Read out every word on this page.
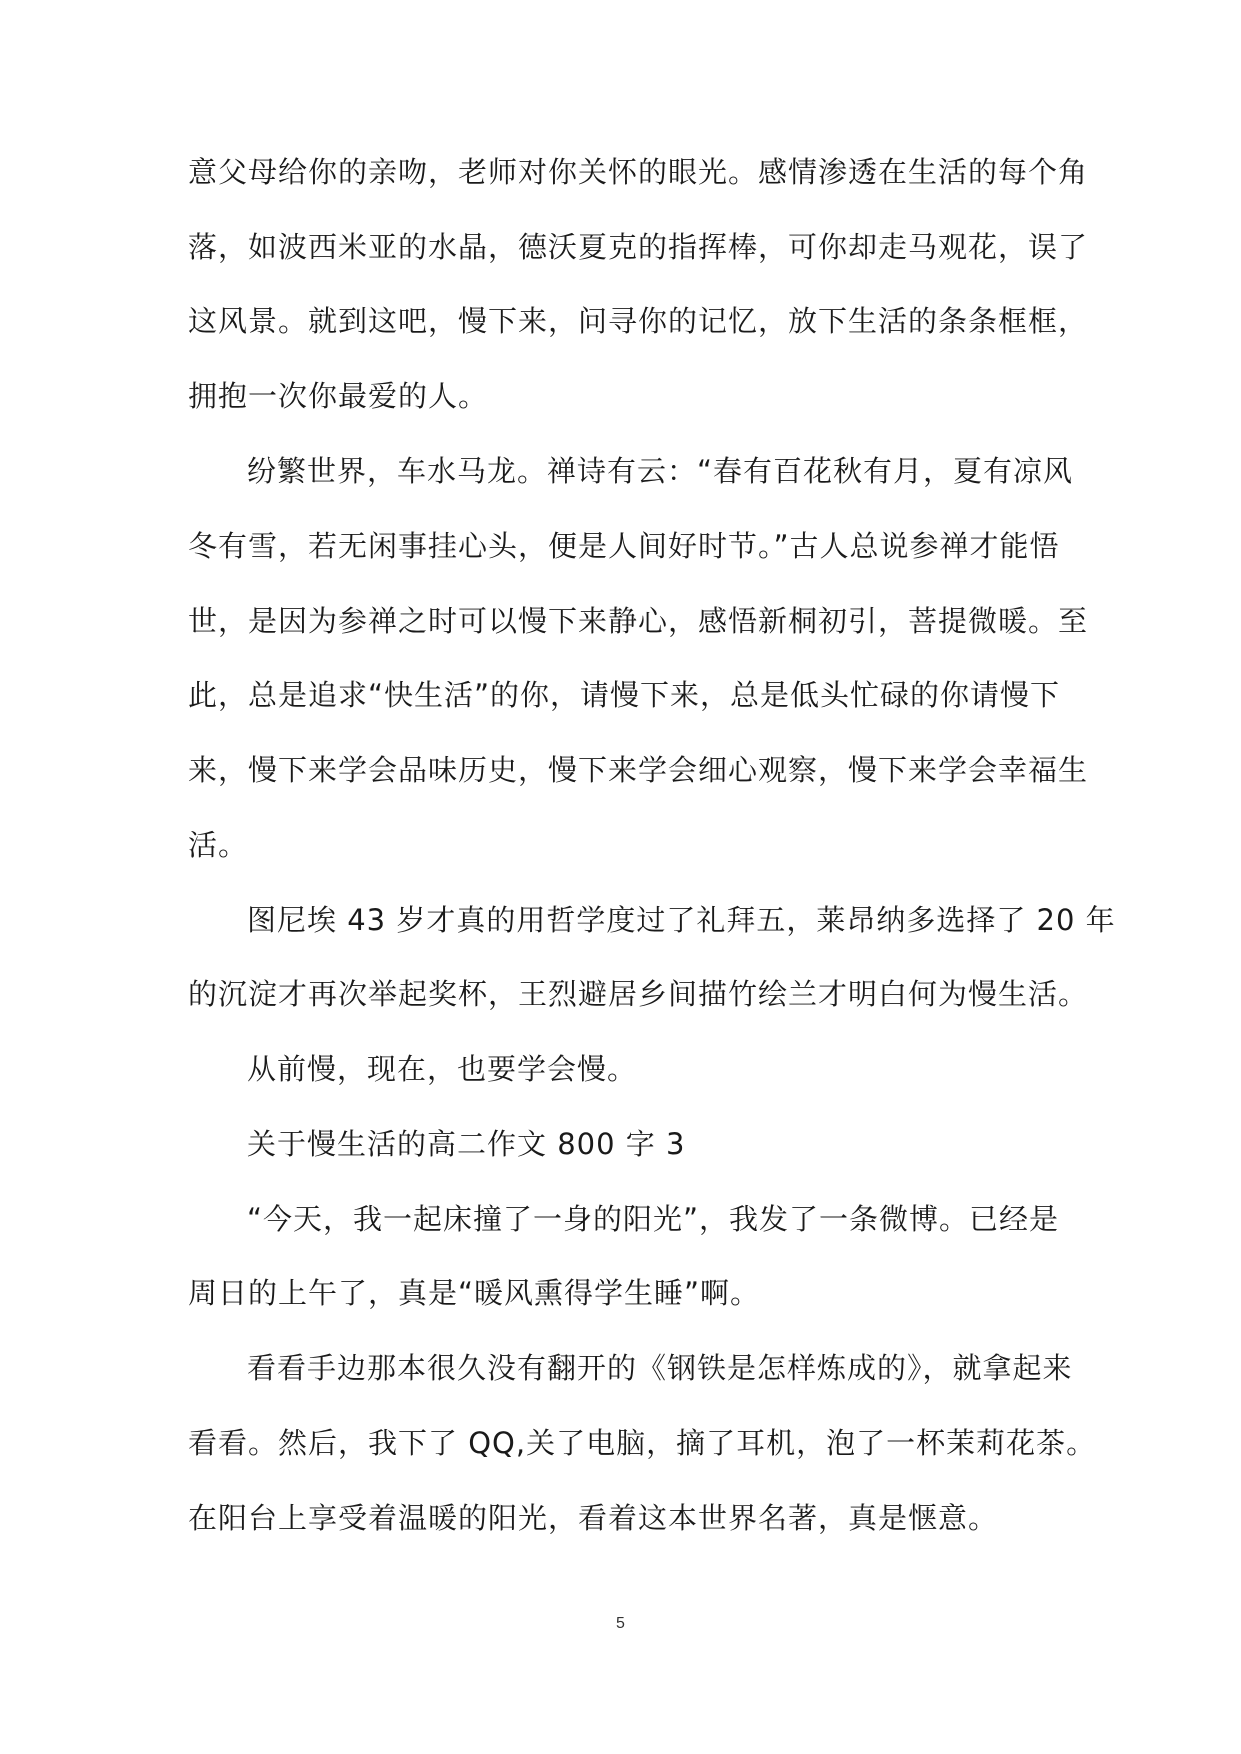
意父母给你的亲吻，老师对你关怀的眼光。感情渗透在生活的每个角
落，如波西米亚的水晶，德沃夏克的指挥棒，可你却走马观花，误了
这风景。就到这吧，慢下来，问寻你的记忆，放下生活的条条框框，
拥抱一次你最爱的人。
纷繁世界，车水马龙。禅诗有云：“春有百花秋有月，夏有凉风
冬有雪，若无闲事挂心头，便是人间好时节。”古人总说参禅才能悟
世，是因为参禅之时可以慢下来静心，感悟新桐初引，菩提微暖。至
此，总是追求“快生活”的你，请慢下来，总是低头忙碌的你请慢下
来，慢下来学会品味历史，慢下来学会细心观察，慢下来学会幸福生
活。
图尼埃 43 岁才真的用哲学度过了礼拜五，莱昂纳多选择了 20 年
的沉淀才再次举起奖杯，王烈避居乡间描竹绘兰才明白何为慢生活。
从前慢，现在，也要学会慢。
关于慢生活的高二作文 800 字 3
“今天，我一起床撞了一身的阳光”，我发了一条微博。已经是
周日的上午了，真是“暖风熏得学生睡”啊。
看看手边那本很久没有翻开的《钢铁是怎样炼成的》，就拿起来
看看。然后，我下了 QQ,关了电脑，摘了耳机，泡了一杯茉莉花茶。
在阳台上享受着温暖的阳光，看着这本世界名著，真是惬意。
5
